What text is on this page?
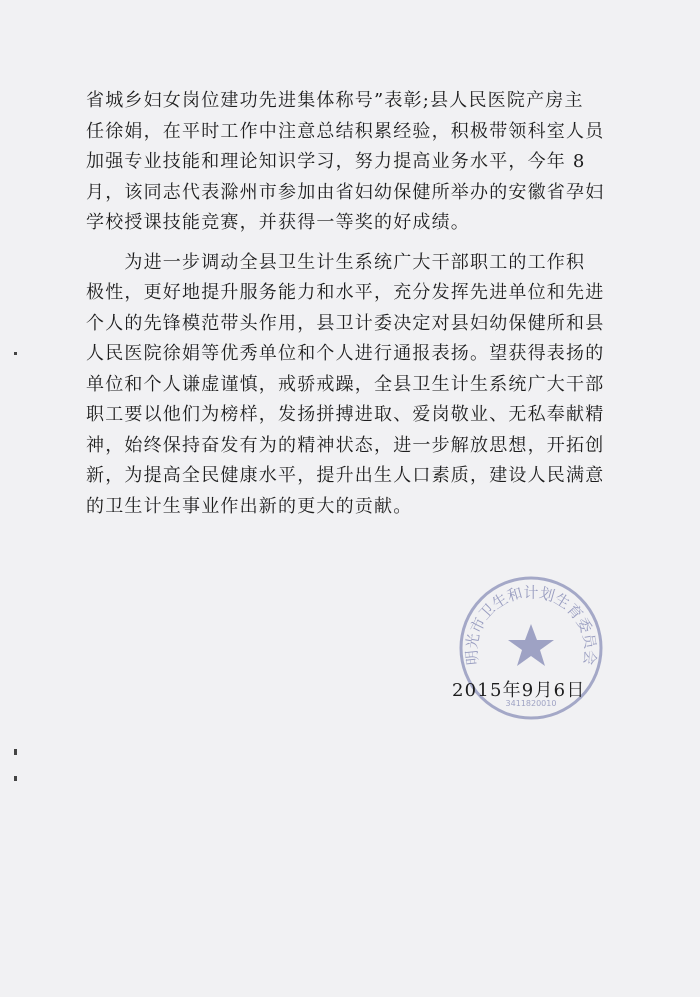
省城乡妇女岗位建功先进集体称号”表彰;县人民医院产房主
任徐娟，在平时工作中注意总结积累经验，积极带领科室人员
加强专业技能和理论知识学习，努力提高业务水平，今年 8
月，该同志代表滁州市参加由省妇幼保健所举办的安徽省孕妇
学校授课技能竞赛，并获得一等奖的好成绩。
　　为进一步调动全县卫生计生系统广大干部职工的工作积
极性，更好地提升服务能力和水平，充分发挥先进单位和先进
个人的先锋模范带头作用，县卫计委决定对县妇幼保健所和县
人民医院徐娟等优秀单位和个人进行通报表扬。望获得表扬的
单位和个人谦虚谨慎，戒骄戒躁，全县卫生计生系统广大干部
职工要以他们为榜样，发扬拼搏进取、爱岗敬业、无私奉献精
神，始终保持奋发有为的精神状态，进一步解放思想，开拓创
新，为提高全民健康水平，提升出生人口素质，建设人民满意
的卫生计生事业作出新的更大的贡献。
明光市卫生和计划生育委员会
3411820010
2015年9月6日
